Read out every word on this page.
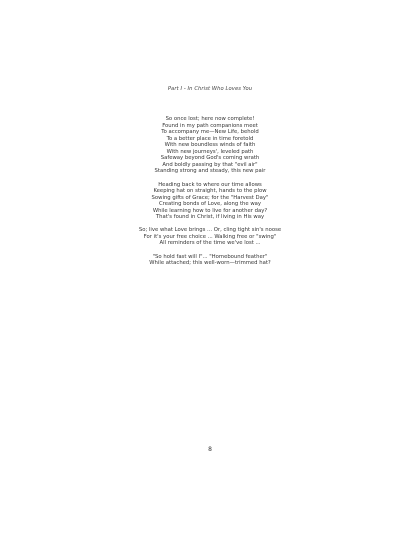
Part I - In Christ Who Loves You
So once lost; here now complete!
Found in my path companions meet
To accompany me—New Life, behold
To a better place in time foretold
With new boundless winds of faith
With new journeys', leveled path
Safeway beyond God's coming wrath
And boldly passing by that "evil air"
Standing strong and steady, this new pair
Heading back to where our time allows
Keeping hat on straight, hands to the plow
Sowing gifts of Grace; for the "Harvest Day"
Creating bonds of Love, along the way
While learning how to live for another day?
That's found in Christ, if living in His way
So; live what Love brings ... Or, cling tight sin's noose
For it's your free choice ... Walking free or "swing"
All reminders of the time we've lost ...
"So hold fast will I"... "Homebound feather"
While attached; this well-worn—trimmed hat?
8
